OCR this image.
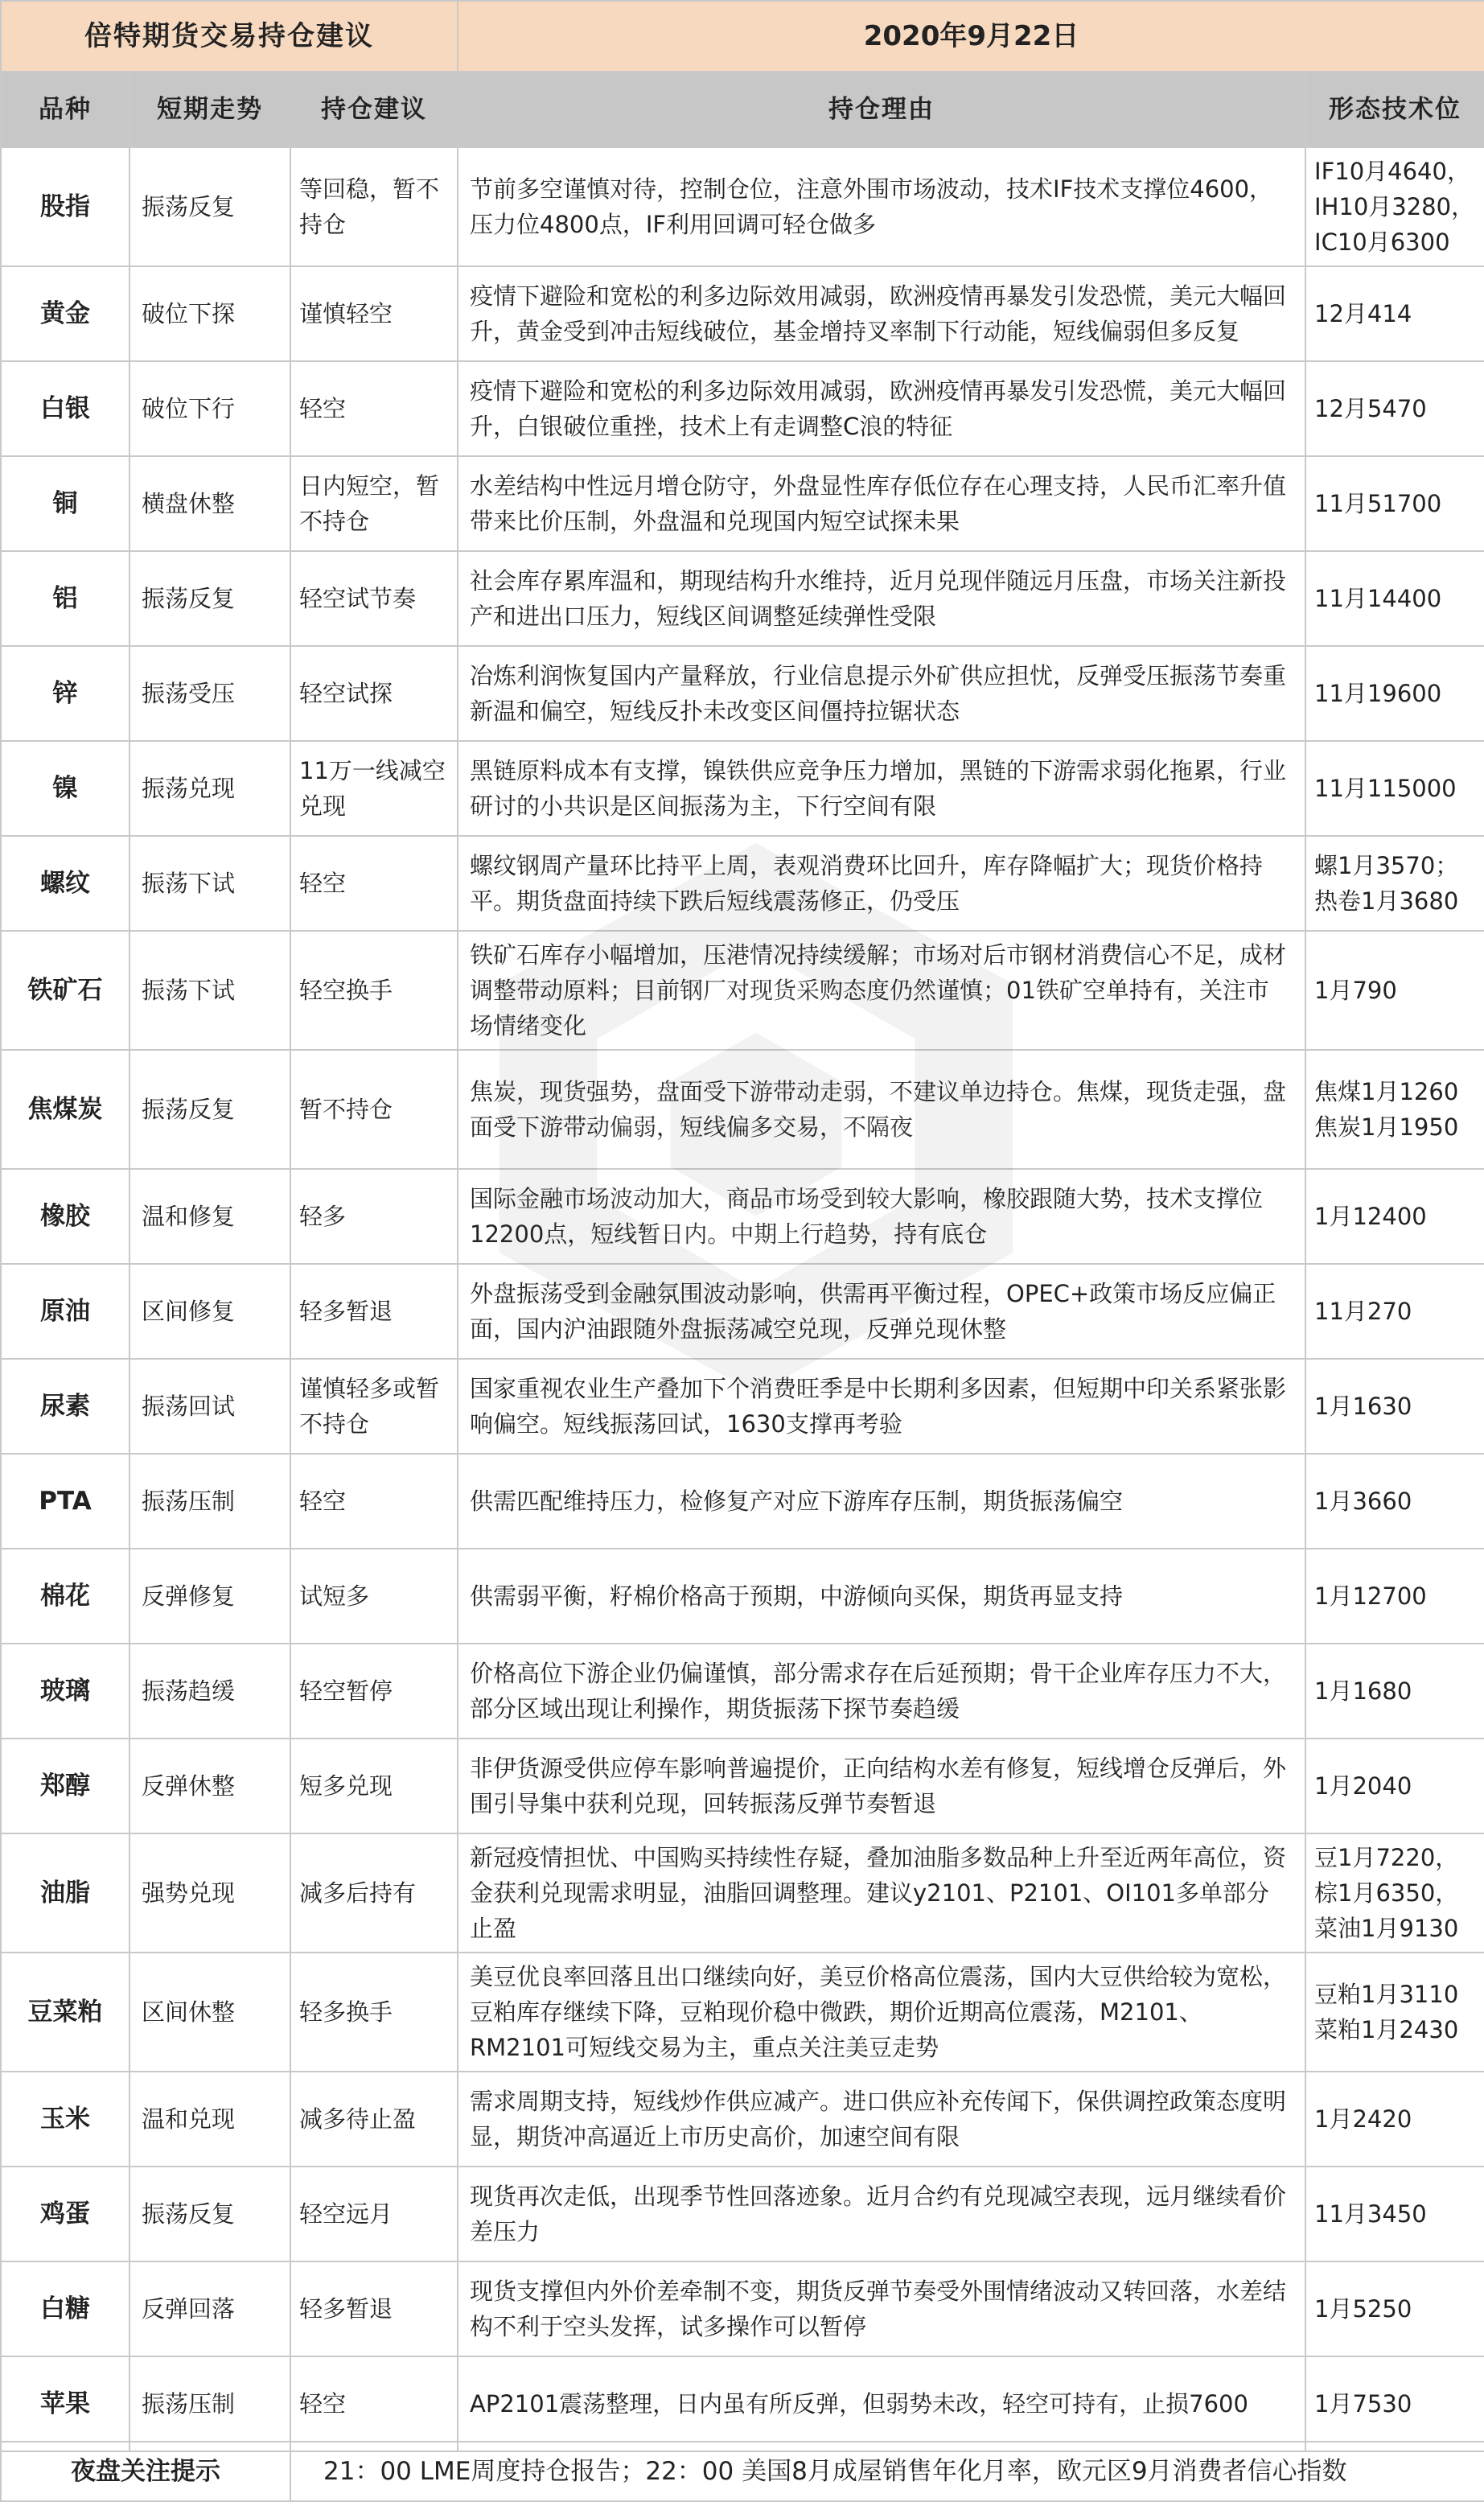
倍特期货交易持仓建议			2020年9月22日	
品种	短期走势	持仓建议	持仓理由	形态技术位
股指	振荡反复	等回稳，暂不持仓	节前多空谨慎对待，控制仓位，注意外围市场波动，技术IF技术支撑位4600，压力位4800点，IF利用回调可轻仓做多	IF10月4640，IH10月3280，IC10月6300
黄金	破位下探	谨慎轻空	疫情下避险和宽松的利多边际效用减弱，欧洲疫情再暴发引发恐慌，美元大幅回升，黄金受到冲击短线破位，基金增持叉率制下行动能，短线偏弱但多反复	12月414
白银	破位下行	轻空	疫情下避险和宽松的利多边际效用减弱，欧洲疫情再暴发引发恐慌，美元大幅回升，白银破位重挫，技术上有走调整C浪的特征	12月5470
铜	横盘休整	日内短空，暂不持仓	水差结构中性远月增仓防守，外盘显性库存低位存在心理支持，人民币汇率升值带来比价压制，外盘温和兑现国内短空试探未果	11月51700
铝	振荡反复	轻空试节奏	社会库存累库温和，期现结构升水维持，近月兑现伴随远月压盘，市场关注新投产和进出口压力，短线区间调整延续弹性受限	11月14400
锌	振荡受压	轻空试探	冶炼利润恢复国内产量释放，行业信息提示外矿供应担忧，反弹受压振荡节奏重新温和偏空，短线反扑未改变区间僵持拉锯状态	11月19600
镍	振荡兑现	11万一线减空兑现	黑链原料成本有支撑，镍铁供应竞争压力增加，黑链的下游需求弱化拖累，行业研讨的小共识是区间振荡为主，下行空间有限	11月115000
螺纹	振荡下试	轻空	螺纹钢周产量环比持平上周，表观消费环比回升，库存降幅扩大；现货价格持平。期货盘面持续下跌后短线震荡修正，仍受压	螺1月3570；热卷1月3680
铁矿石	振荡下试	轻空换手	铁矿石库存小幅增加，压港情况持续缓解；市场对后市钢材消费信心不足，成材调整带动原料；目前钢厂对现货采购态度仍然谨慎；01铁矿空单持有，关注市场情绪变化	1月790
焦煤炭	振荡反复	暂不持仓	焦炭，现货强势，盘面受下游带动走弱，不建议单边持仓。焦煤，现货走强，盘面受下游带动偏弱，短线偏多交易，不隔夜	焦煤1月1260焦炭1月1950
橡胶	温和修复	轻多	国际金融市场波动加大，商品市场受到较大影响，橡胶跟随大势，技术支撑位12200点，短线暂日内。中期上行趋势，持有底仓	1月12400
原油	区间修复	轻多暂退	外盘振荡受到金融氛围波动影响，供需再平衡过程，OPEC+政策市场反应偏正面，国内沪油跟随外盘振荡减空兑现，反弹兑现休整	11月270
尿素	振荡回试	谨慎轻多或暂不持仓	国家重视农业生产叠加下个消费旺季是中长期利多因素，但短期中印关系紧张影响偏空。短线振荡回试，1630支撑再考验	1月1630
PTA	振荡压制	轻空	供需匹配维持压力，检修复产对应下游库存压制，期货振荡偏空	1月3660
棉花	反弹修复	试短多	供需弱平衡，籽棉价格高于预期，中游倾向买保，期货再显支持	1月12700
玻璃	振荡趋缓	轻空暂停	价格高位下游企业仍偏谨慎，部分需求存在后延预期；骨干企业库存压力不大，部分区域出现让利操作，期货振荡下探节奏趋缓	1月1680
郑醇	反弹休整	短多兑现	非伊货源受供应停车影响普遍提价，正向结构水差有修复，短线增仓反弹后，外围引导集中获利兑现，回转振荡反弹节奏暂退	1月2040
油脂	强势兑现	减多后持有	新冠疫情担忧、中国购买持续性存疑，叠加油脂多数品种上升至近两年高位，资金获利兑现需求明显，油脂回调整理。建议y2101、P2101、OI101多单部分止盈	豆1月7220，棕1月6350，菜油1月9130
豆菜粕	区间休整	轻多换手	美豆优良率回落且出口继续向好，美豆价格高位震荡，国内大豆供给较为宽松，豆粕库存继续下降，豆粕现价稳中微跌，期价近期高位震荡，M2101、RM2101可短线交易为主，重点关注美豆走势	豆粕1月3110菜粕1月2430
玉米	温和兑现	减多待止盈	需求周期支持，短线炒作供应减产。进口供应补充传闻下，保供调控政策态度明显，期货冲高逼近上市历史高价，加速空间有限	1月2420
鸡蛋	振荡反复	轻空远月	现货再次走低，出现季节性回落迹象。近月合约有兑现减空表现，远月继续看价差压力	11月3450
白糖	反弹回落	轻多暂退	现货支撑但内外价差牵制不变，期货反弹节奏受外围情绪波动又转回落，水差结构不利于空头发挥，试多操作可以暂停	1月5250
苹果	振荡压制	轻空	AP2101震荡整理，日内虽有所反弹，但弱势未改，轻空可持有，止损7600	1月7530
夜盘关注提示	21：00 LME周度持仓报告；22：00 美国8月成屋销售年化月率，欧元区9月消费者信心指数
